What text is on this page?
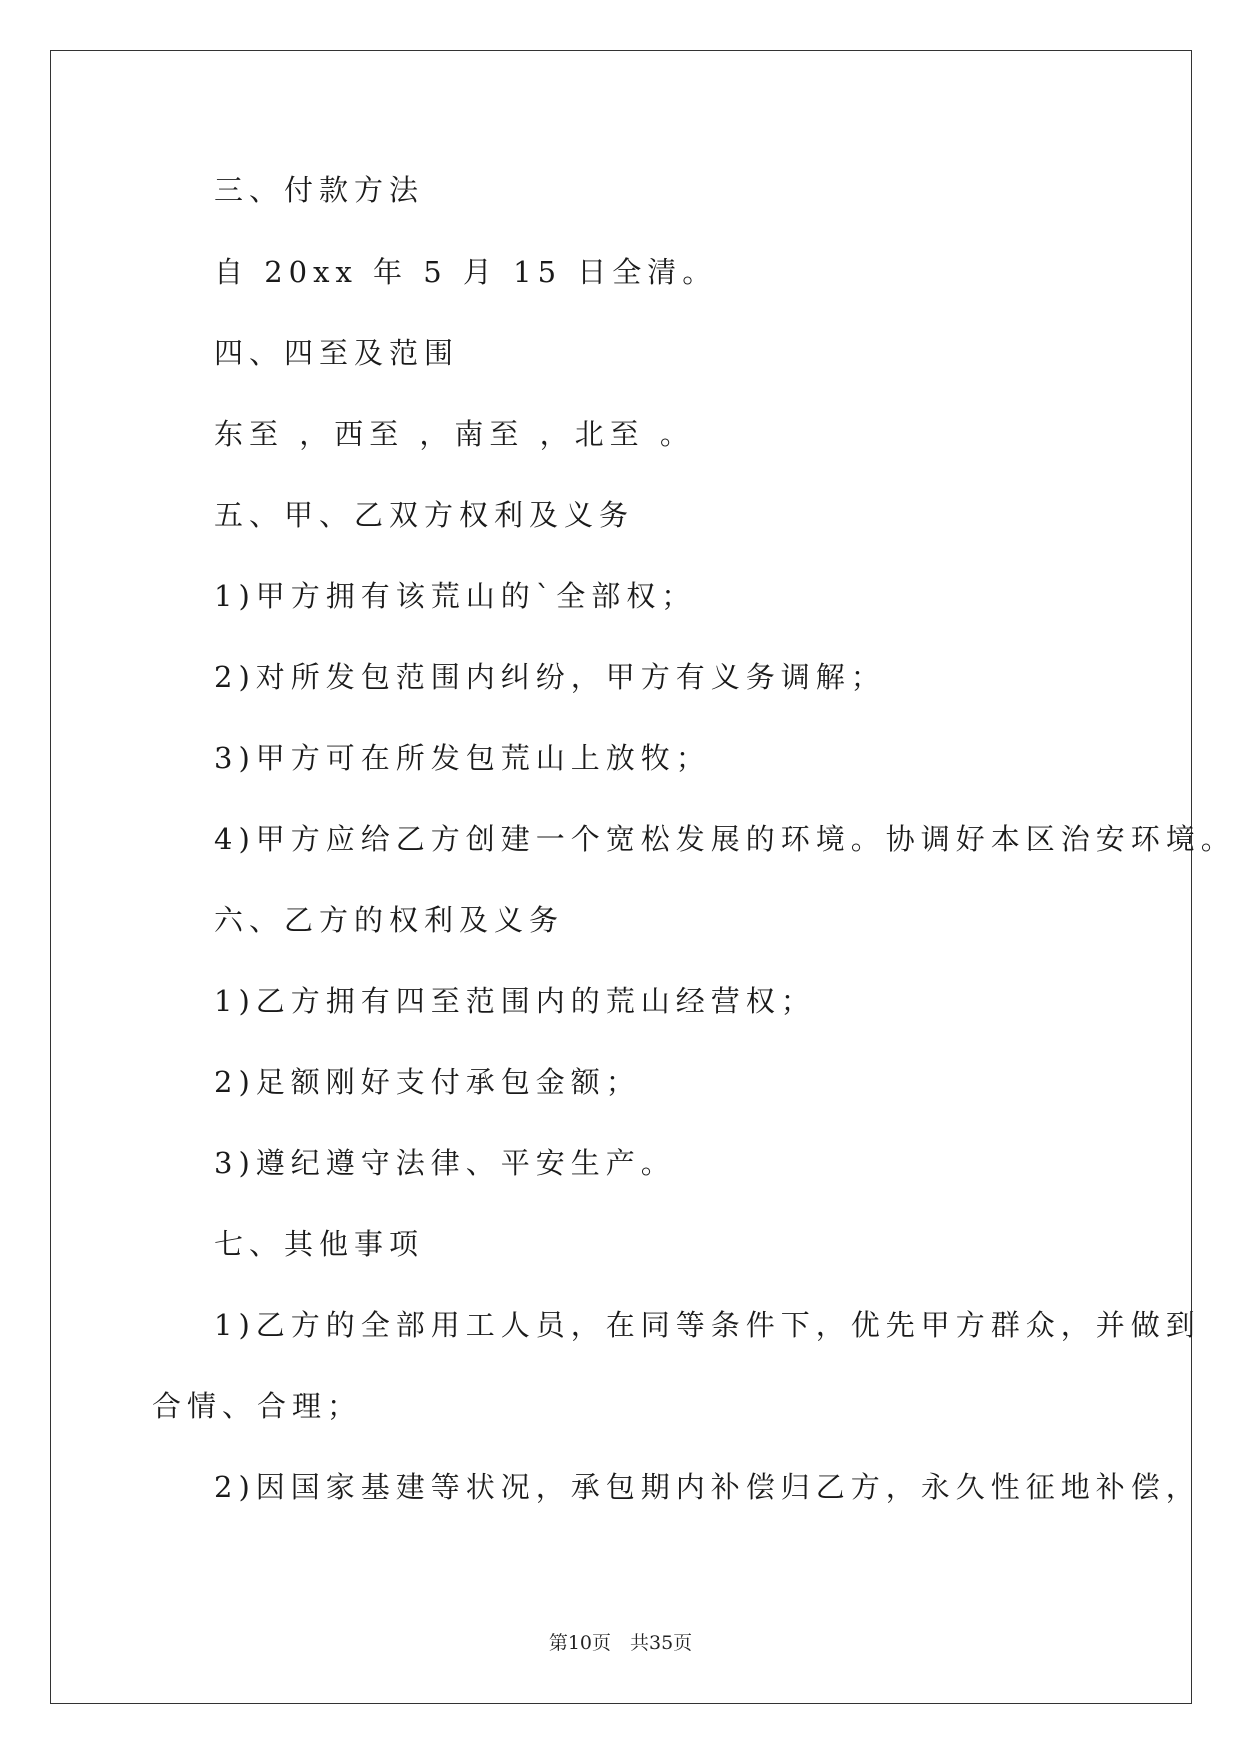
三、付款方法
自 20xx 年 5 月 15 日全清。
四、四至及范围
东至 ，西至 ，南至 ，北至 。
五、甲、乙双方权利及义务
1)甲方拥有该荒山的`全部权；
2)对所发包范围内纠纷，甲方有义务调解；
3)甲方可在所发包荒山上放牧；
4)甲方应给乙方创建一个宽松发展的环境。协调好本区治安环境。
六、乙方的权利及义务
1)乙方拥有四至范围内的荒山经营权；
2)足额刚好支付承包金额；
3)遵纪遵守法律、平安生产。
七、其他事项
1)乙方的全部用工人员，在同等条件下，优先甲方群众，并做到
合情、合理；
2)因国家基建等状况，承包期内补偿归乙方，永久性征地补偿，
第10页　共35页
